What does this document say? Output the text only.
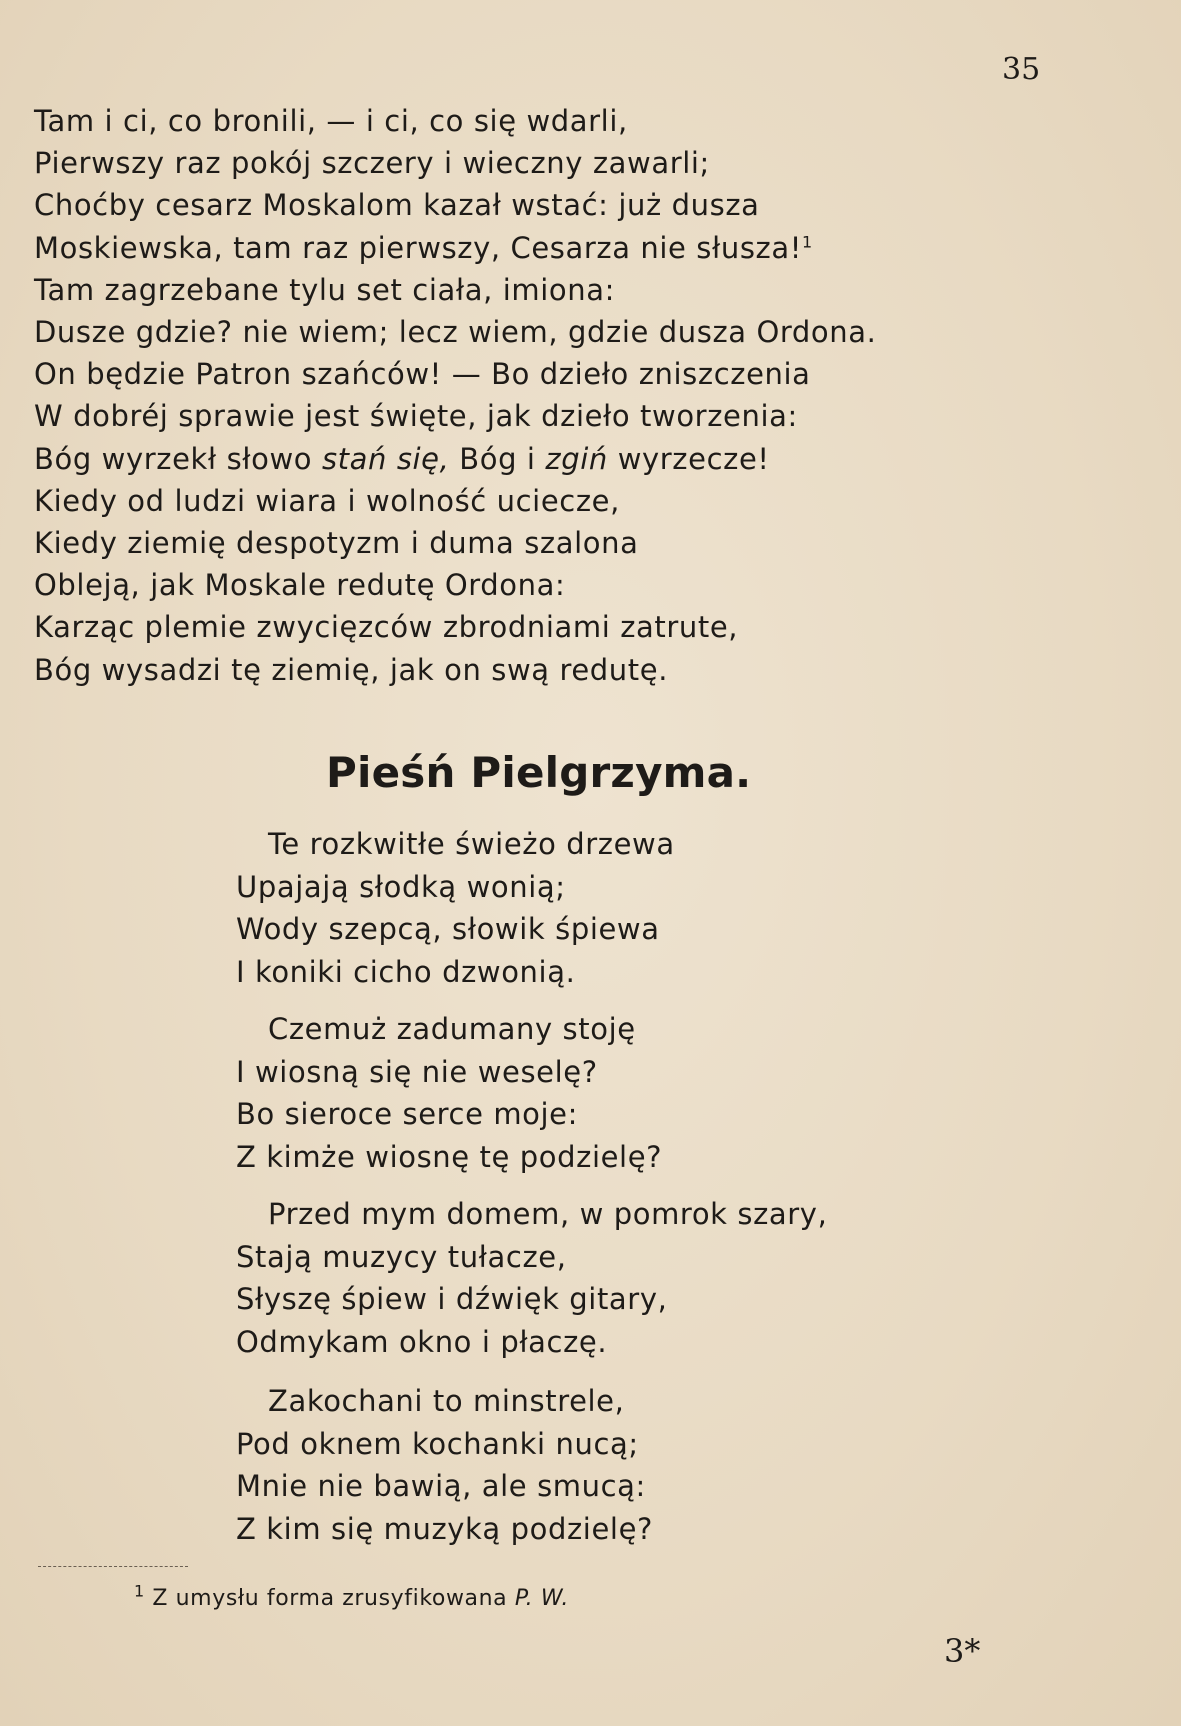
35
Tam i ci, co bronili, — i ci, co się wdarli,
Pierwszy raz pokój szczery i wieczny zawarli;
Choćby cesarz Moskalom kazał wstać: już dusza
Moskiewska, tam raz pierwszy, Cesarza nie słusza!$^1$
Tam zagrzebane tylu set ciała, imiona:
Dusze gdzie? nie wiem; lecz wiem, gdzie dusza Ordona.
On będzie Patron szańców! — Bo dzieło zniszczenia
W dobréj sprawie jest święte, jak dzieło tworzenia:
Bóg wyrzekł słowo stań się, Bóg i zgiń wyrzecze!
Kiedy od ludzi wiara i wolność ucieczе,
Kiedy ziemię despotyzm i duma szalona
Obleją, jak Moskale redutę Ordona:
Karząc plemie zwycięzców zbrodniami zatrute,
Bóg wysadzi tę ziemię, jak on swą redutę.
Pieśń Pielgrzyma.
Te rozkwitłe świeżo drzewa
Upajają słodką wonią;
Wody szepcą, słowik śpiewa
I koniki cicho dzwonią.
Czemuż zadumany stoję
I wiosną się nie weselę?
Bo sieroce serce moje:
Z kimże wiosnę tę podzielę?
Przed mym domem, w pomrok szary,
Stają muzycy tułacze,
Słyszę śpiew i dźwięk gitary,
Odmykam okno i płaczę.
Zakochani to minstrele,
Pod oknem kochanki nucą;
Mnie nie bawią, ale smucą:
Z kim się muzyką podzielę?
$^1$ Z umysłu forma zrusyfikowana P. W.
3*
